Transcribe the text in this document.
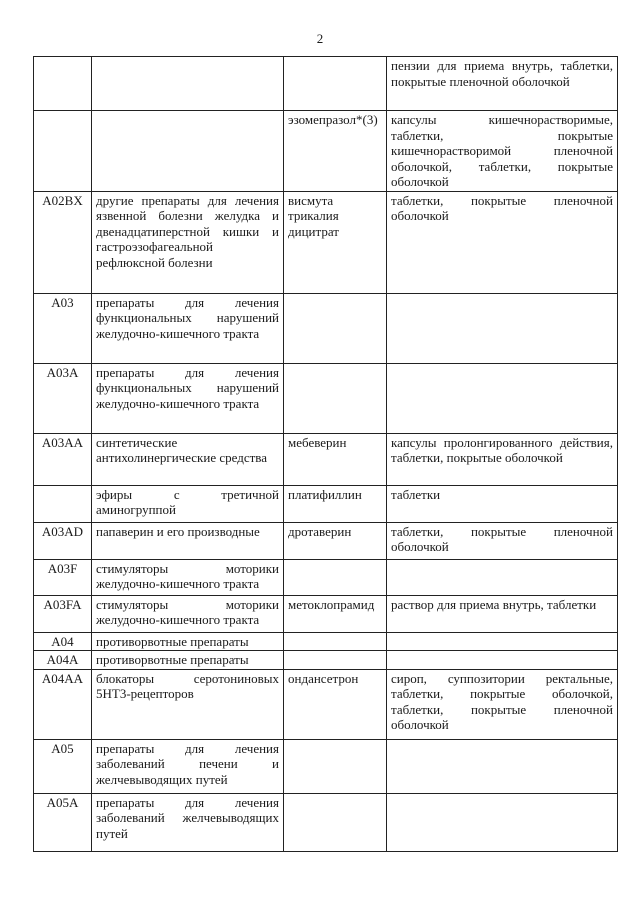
2
			пензии для приема внутрь, таблетки, покрытые пленочной оболочкой
		эзомепразол*(3)	капсулы кишечнорастворимые, таблетки, покрытые кишечнорастворимой пленочной оболочкой, таблетки, покрытые оболочкой
A02BX	другие препараты для лечения язвенной болезни желудка и двенадцатиперстной кишки и гастроэзофагеальной рефлюксной болезни	висмута трикалия дицитрат	таблетки, покрытые пленочной оболочкой
A03	препараты для лечения функциональных нарушений желудочно-кишечного тракта		
A03A	препараты для лечения функциональных нарушений желудочно-кишечного тракта		
A03AA	синтетические антихолинергические средства	мебеверин	капсулы пролонгированного действия, таблетки, покрытые оболочкой
	эфиры с третичной аминогруппой	платифиллин	таблетки
A03AD	папаверин и его производные	дротаверин	таблетки, покрытые пленочной оболочкой
A03F	стимуляторы моторики желудочно-кишечного тракта		
A03FA	стимуляторы моторики желудочно-кишечного тракта	метоклопрамид	раствор для приема внутрь, таблетки
A04	противорвотные препараты		
A04A	противорвотные препараты		
A04AA	блокаторы серотониновых 5HT3-рецепторов	ондансетрон	сироп, суппозитории ректальные, таблетки, покрытые оболочкой, таблетки, покрытые пленочной оболочкой
A05	препараты для лечения заболеваний печени и желчевыводящих путей		
A05A	препараты для лечения заболеваний желчевыводящих путей		
